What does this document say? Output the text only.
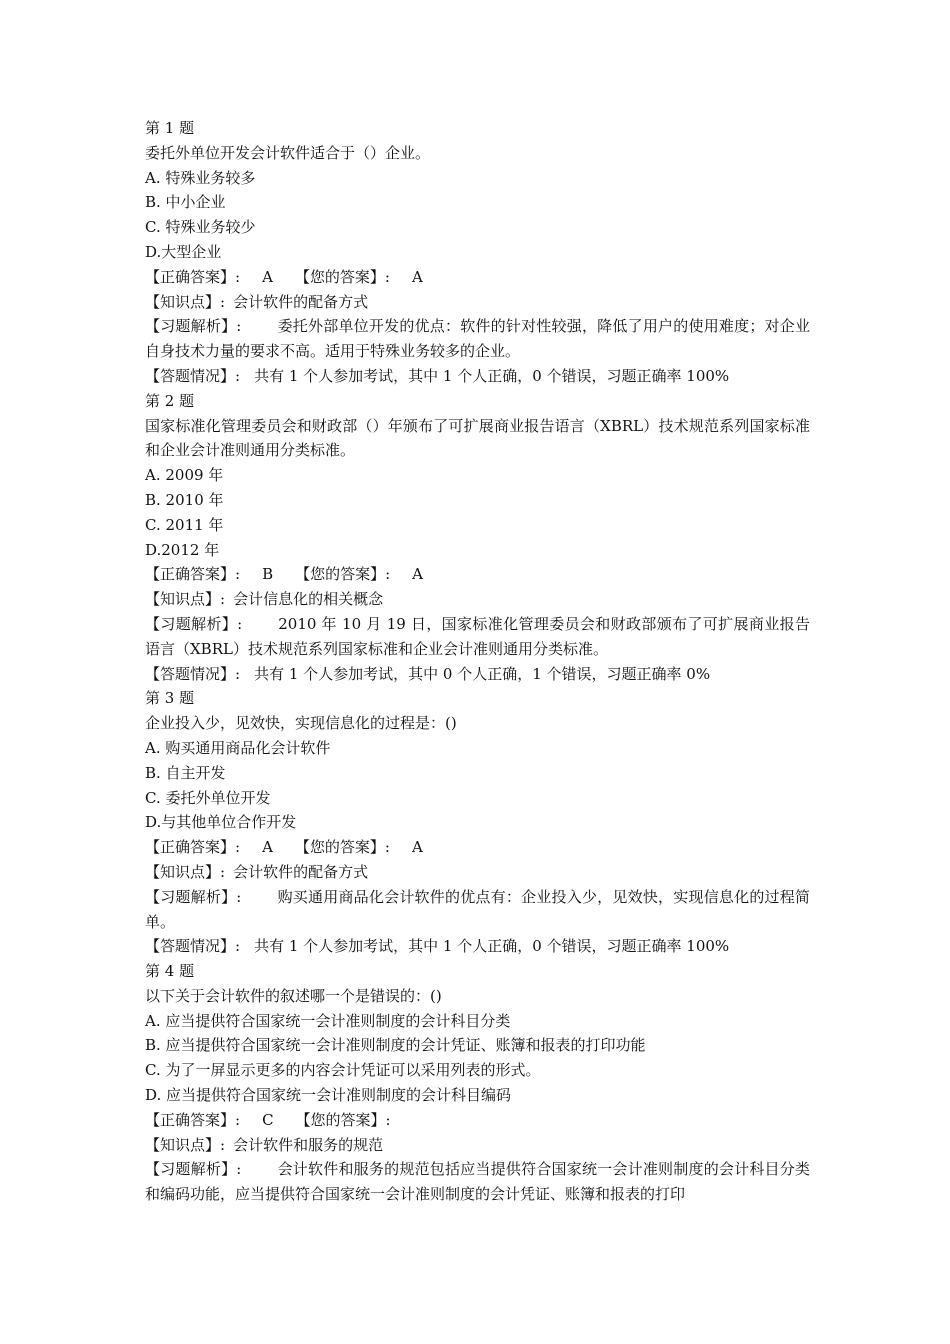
第 1 题
委托外单位开发会计软件适合于（）企业。
A. 特殊业务较多
B. 中小企业
C. 特殊业务较少
D.大型企业
【正确答案】: A 【您的答案】: A
【知识点】: 会计软件的配备方式
【习题解析】: 委托外部单位开发的优点：软件的针对性较强，降低了用户的使用难度；对企业自身技术力量的要求不高。适用于特殊业务较多的企业。
【答题情况】: 共有 1 个人参加考试，其中 1 个人正确，0 个错误，习题正确率 100%
第 2 题
国家标准化管理委员会和财政部（）年颁布了可扩展商业报告语言（XBRL）技术规范系列国家标准和企业会计准则通用分类标准。
A. 2009 年
B. 2010 年
C. 2011 年
D.2012 年
【正确答案】: B 【您的答案】: A
【知识点】: 会计信息化的相关概念
【习题解析】: 2010 年 10 月 19 日，国家标准化管理委员会和财政部颁布了可扩展商业报告语言（XBRL）技术规范系列国家标准和企业会计准则通用分类标准。
【答题情况】: 共有 1 个人参加考试，其中 0 个人正确，1 个错误，习题正确率 0%
第 3 题
企业投入少，见效快，实现信息化的过程是：()
A. 购买通用商品化会计软件
B. 自主开发
C. 委托外单位开发
D.与其他单位合作开发
【正确答案】: A 【您的答案】: A
【知识点】: 会计软件的配备方式
【习题解析】: 购买通用商品化会计软件的优点有：企业投入少，见效快，实现信息化的过程简单。
【答题情况】: 共有 1 个人参加考试，其中 1 个人正确，0 个错误，习题正确率 100%
第 4 题
以下关于会计软件的叙述哪一个是错误的：()
A. 应当提供符合国家统一会计准则制度的会计科目分类
B. 应当提供符合国家统一会计准则制度的会计凭证、账簿和报表的打印功能
C. 为了一屏显示更多的内容会计凭证可以采用列表的形式。
D. 应当提供符合国家统一会计准则制度的会计科目编码
【正确答案】: C 【您的答案】:
【知识点】: 会计软件和服务的规范
【习题解析】: 会计软件和服务的规范包括应当提供符合国家统一会计准则制度的会计科目分类和编码功能，应当提供符合国家统一会计准则制度的会计凭证、账簿和报表的打印
